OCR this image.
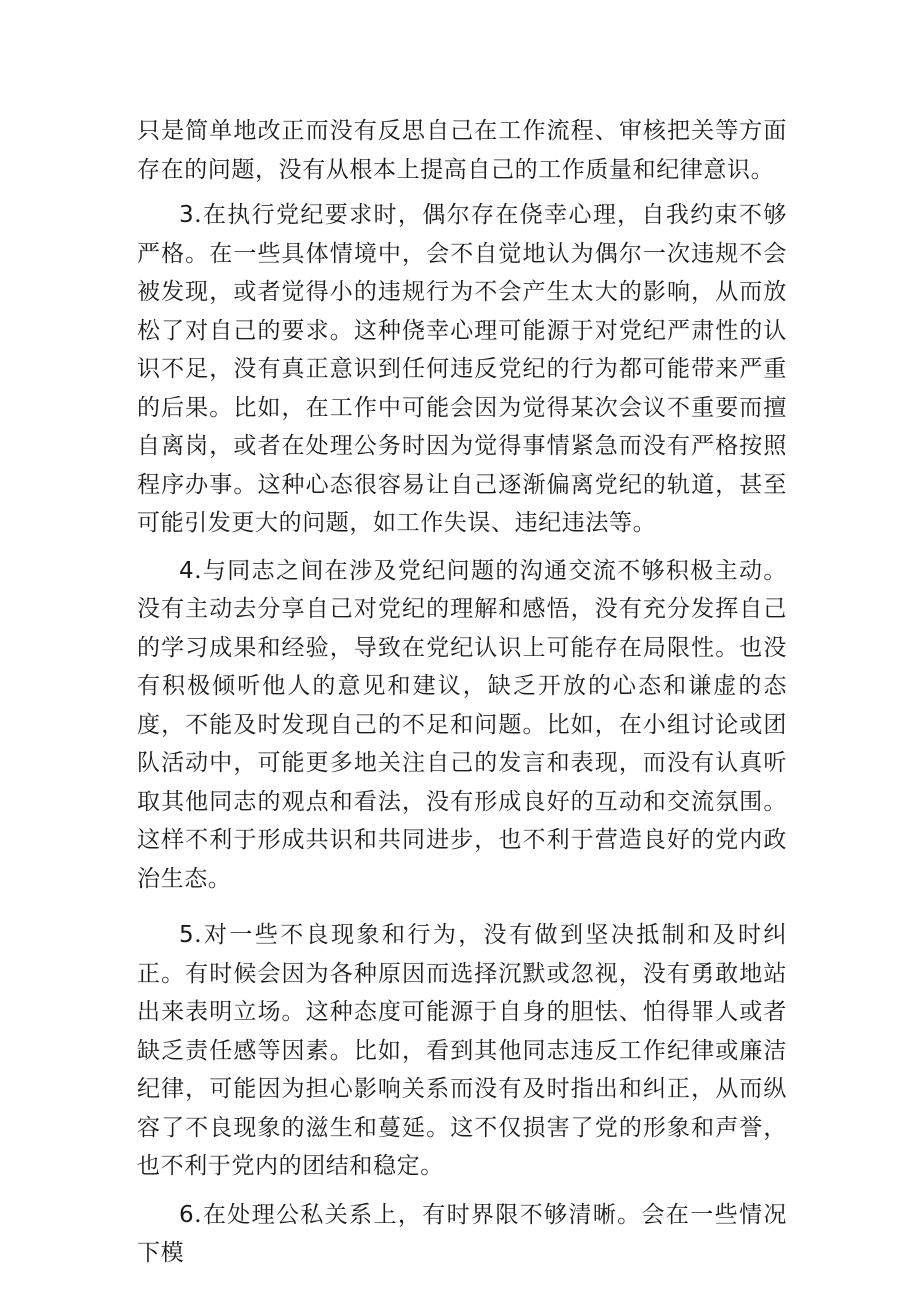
只是简单地改正而没有反思自己在工作流程、审核把关等方面存在的问题，没有从根本上提高自己的工作质量和纪律意识。

3.在执行党纪要求时，偶尔存在侥幸心理，自我约束不够严格。在一些具体情境中，会不自觉地认为偶尔一次违规不会被发现，或者觉得小的违规行为不会产生太大的影响，从而放松了对自己的要求。这种侥幸心理可能源于对党纪严肃性的认识不足，没有真正意识到任何违反党纪的行为都可能带来严重的后果。比如，在工作中可能会因为觉得某次会议不重要而擅自离岗，或者在处理公务时因为觉得事情紧急而没有严格按照程序办事。这种心态很容易让自己逐渐偏离党纪的轨道，甚至可能引发更大的问题，如工作失误、违纪违法等。

4.与同志之间在涉及党纪问题的沟通交流不够积极主动。没有主动去分享自己对党纪的理解和感悟，没有充分发挥自己的学习成果和经验，导致在党纪认识上可能存在局限性。也没有积极倾听他人的意见和建议，缺乏开放的心态和谦虚的态度，不能及时发现自己的不足和问题。比如，在小组讨论或团队活动中，可能更多地关注自己的发言和表现，而没有认真听取其他同志的观点和看法，没有形成良好的互动和交流氛围。这样不利于形成共识和共同进步，也不利于营造良好的党内政治生态。

5.对一些不良现象和行为，没有做到坚决抵制和及时纠正。有时候会因为各种原因而选择沉默或忽视，没有勇敢地站出来表明立场。这种态度可能源于自身的胆怯、怕得罪人或者缺乏责任感等因素。比如，看到其他同志违反工作纪律或廉洁纪律，可能因为担心影响关系而没有及时指出和纠正，从而纵容了不良现象的滋生和蔓延。这不仅损害了党的形象和声誉，也不利于党内的团结和稳定。

6.在处理公私关系上，有时界限不够清晰。会在一些情况下模
